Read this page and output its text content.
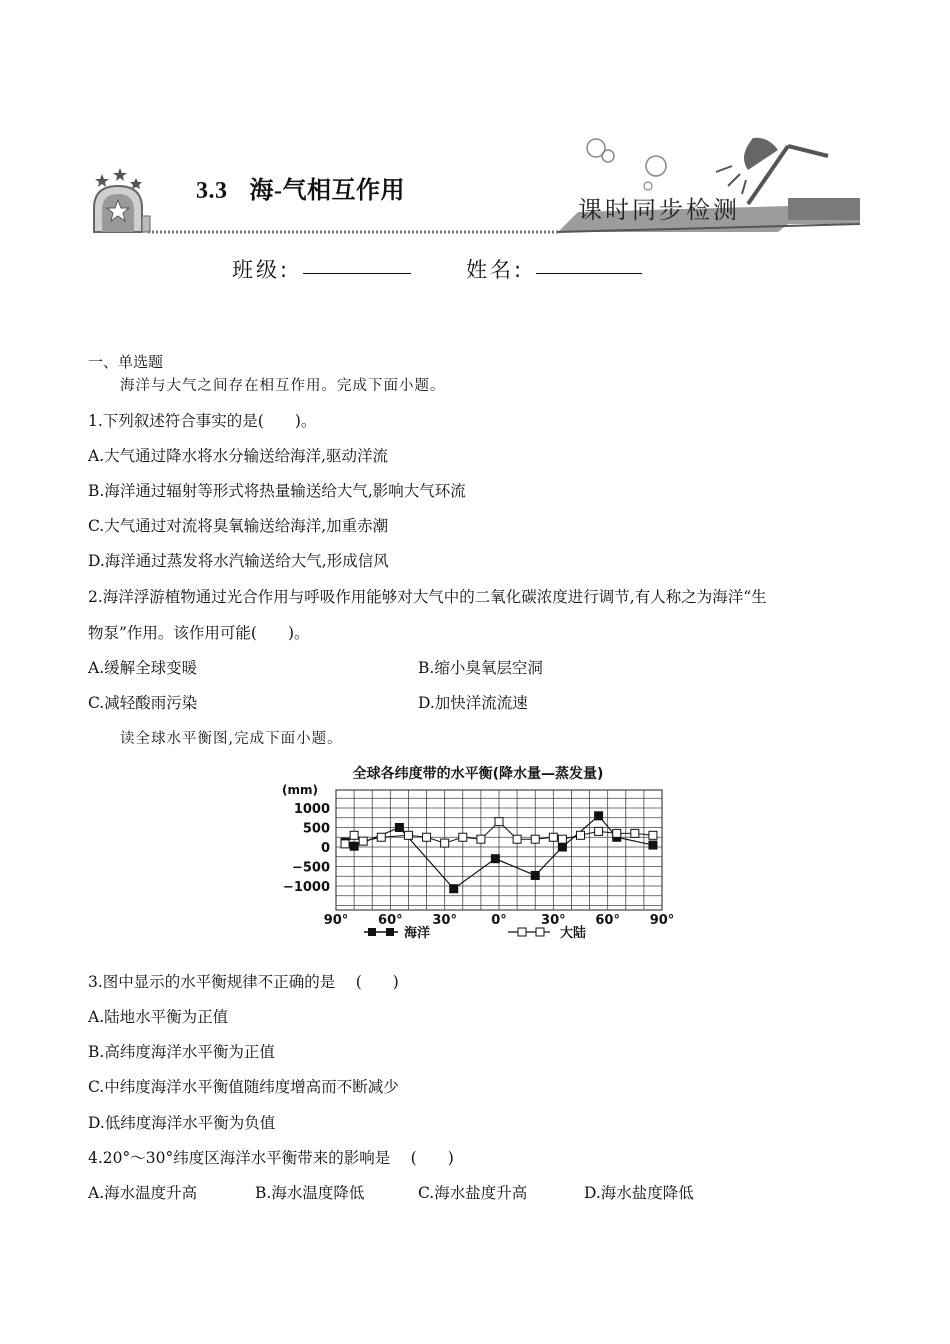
3.3 海-气相互作用
课时同步检测
班级:	姓名:
一、单选题
海洋与大气之间存在相互作用。完成下面小题。
1.下列叙述符合事实的是(　　)。
A.大气通过降水将水分输送给海洋,驱动洋流
B.海洋通过辐射等形式将热量输送给大气,影响大气环流
C.大气通过对流将臭氧输送给海洋,加重赤潮
D.海洋通过蒸发将水汽输送给大气,形成信风
2.海洋浮游植物通过光合作用与呼吸作用能够对大气中的二氧化碳浓度进行调节,有人称之为海洋“生
物泵”作用。该作用可能(　　)。
A.缓解全球变暖	B.缩小臭氧层空洞
C.减轻酸雨污染	D.加快洋流流速
读全球水平衡图,完成下面小题。
全球各纬度带的水平衡(降水量—蒸发量)
(mm)
1000
500
0
−500
−1000
90° 60° 30°	0°	30° 60° 90°
海洋	大陆
3.图中显示的水平衡规律不正确的是　 (　　)
A.陆地水平衡为正值
B.高纬度海洋水平衡为正值
C.中纬度海洋水平衡值随纬度增高而不断减少
D.低纬度海洋水平衡为负值
4.20°～30°纬度区海洋水平衡带来的影响是　 (　　)
A.海水温度升高	B.海水温度降低	C.海水盐度升高	D.海水盐度降低
